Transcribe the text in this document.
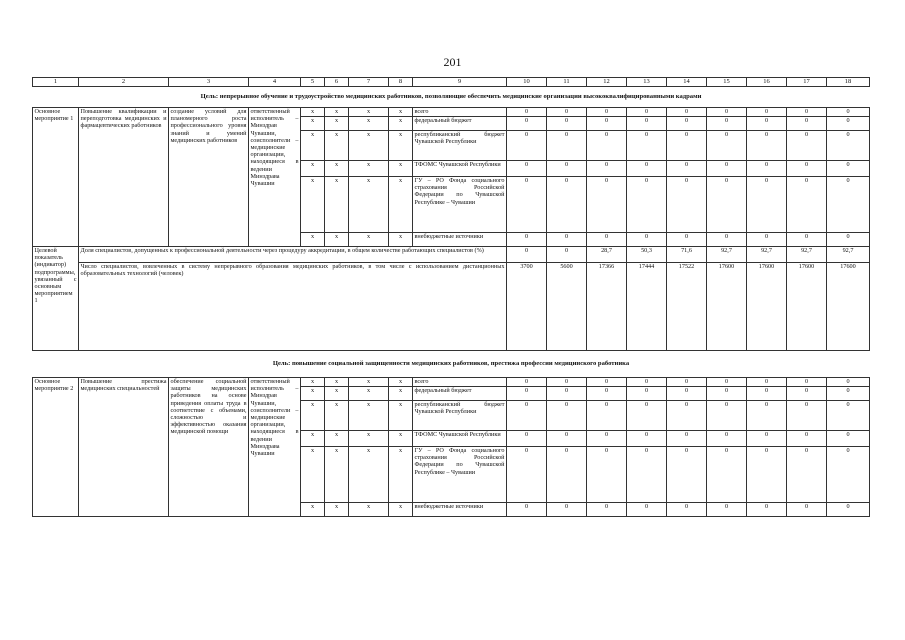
201
1	2	3	4	5	6	7	8	9	10	11	12	13	14	15	16	17	18
Цель: непрерывное обучение и трудоустройство медицинских работников, позволяющие обеспечить медицинские организации высококвалифицированными кадрами																	
Основное мероприятие 1	Повышение квалификации и переподготовка медицинских и фармацевтических работников	создание условий для планомерного роста профессионального уровня знаний и умений медицинских работников	ответственный исполнитель – Минздрав Чувашии, соисполнители – медицинские организации, находящиеся в ведении Минздрава Чувашии	x	x	x	x	всего	0	0	0	0	0	0	0	0	0
				x	x	x	x	федеральный бюджет	0	0	0	0	0	0	0	0	0
				x	x	x	x	республиканский бюджет Чувашской Республики	0	0	0	0	0	0	0	0	0
				x	x	x	x	ТФОМС Чувашской Республики	0	0	0	0	0	0	0	0	0
				x	x	x	x	ГУ – РО Фонда социального страхования Российской Федерации по Чувашской Республике – Чувашии	0	0	0	0	0	0	0	0	0
				x	x	x	x	внебюджетные источники	0	0	0	0	0	0	0	0	0
Целевой показатель (индикатор) подпрограммы, увязанный с основным мероприятием 1	Доля специалистов, допущенных к профессиональной деятельности через процедуру аккредитации, в общем количестве работающих специалистов (%)								0	0	28,7	50,3	71,6	92,7	92,7	92,7	92,7
	Число специалистов, вовлеченных в систему непрерывного образования медицинских работников, в том числе с использованием дистанционных образовательных технологий (человек)								3700	5600	17366	17444	17522	17600	17600	17600	17600
Цель: повышение социальной защищенности медицинских работников, престижа профессии медицинского работника																	
Основное мероприятие 2	Повышение престижа медицинских специальностей	обеспечение социальной защиты медицинских работников на основе приведения оплаты труда в соответствие с объемами, сложностью и эффективностью оказания медицинской помощи	ответственный исполнитель – Минздрав Чувашии, соисполнители – медицинские организации, находящиеся в ведении Минздрава Чувашии	x	x	x	x	всего	0	0	0	0	0	0	0	0	0
				x	x	x	x	федеральный бюджет	0	0	0	0	0	0	0	0	0
				x	x	x	x	республиканский бюджет Чувашской Республики	0	0	0	0	0	0	0	0	0
				x	x	x	x	ТФОМС Чувашской Республики	0	0	0	0	0	0	0	0	0
				x	x	x	x	ГУ – РО Фонда социального страхования Российской Федерации по Чувашской Республике – Чувашии	0	0	0	0	0	0	0	0	0
				x	x	x	x	внебюджетные источники	0	0	0	0	0	0	0	0	0
